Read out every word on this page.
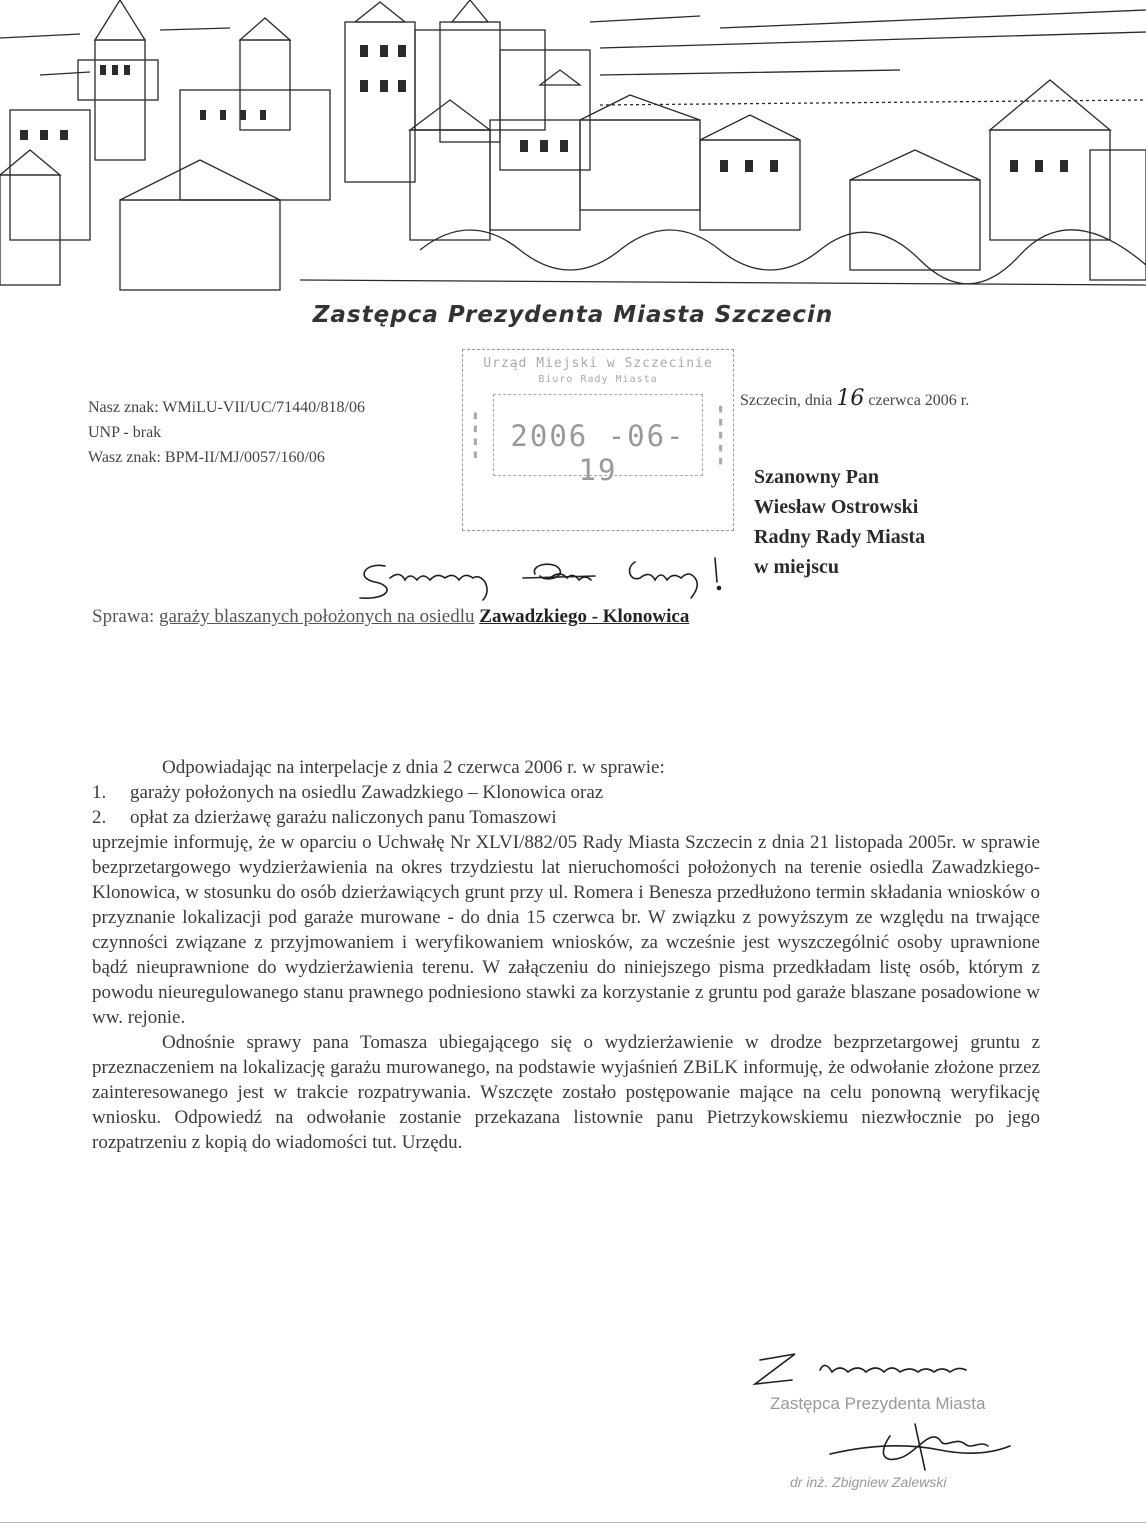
Zastępca Prezydenta Miasta Szczecin
Nasz znak: WMiLU-VII/UC/71440/818/06
UNP - brak
Wasz znak: BPM-II/MJ/0057/160/06
Urząd Miejski w Szczecinie
Biuro Rady Miasta
2006 -06- 19
▮▮▮▮	▮▮▮▮▮
Szczecin, dnia 16 czerwca 2006 r.
Szanowny Pan
Wiesław Ostrowski
Radny Rady Miasta
w miejscu
Sprawa: garaży blaszanych położonych na osiedlu Zawadzkiego - Klonowica

Odpowiadając na interpelacje z dnia 2 czerwca 2006 r. w sprawie:

1. garaży położonych na osiedlu Zawadzkiego – Klonowica oraz
2. opłat za dzierżawę garażu naliczonych panu Tomaszowi

uprzejmie informuję, że w oparciu o Uchwałę Nr XLVI/882/05 Rady Miasta Szczecin z dnia 21 listopada 2005r. w sprawie bezprzetargowego wydzierżawienia na okres trzydziestu lat nieruchomości położonych na terenie osiedla Zawadzkiego-Klonowica, w stosunku do osób dzierżawiących grunt przy ul. Romera i Benesza przedłużono termin składania wniosków o przyznanie lokalizacji pod garaże murowane - do dnia 15 czerwca br. W związku z powyższym ze względu na trwające czynności związane z przyjmowaniem i weryfikowaniem wniosków, za wcześnie jest wyszczególnić osoby uprawnione bądź nieuprawnione do wydzierżawienia terenu. W załączeniu do niniejszego pisma przedkładam listę osób, którym z powodu nieuregulowanego stanu prawnego podniesiono stawki za korzystanie z gruntu pod garaże blaszane posadowione w ww. rejonie.

Odnośnie sprawy pana Tomasza ubiegającego się o wydzierżawienie w drodze bezprzetargowej gruntu z przeznaczeniem na lokalizację garażu murowanego, na podstawie wyjaśnień ZBiLK informuję, że odwołanie złożone przez zainteresowanego jest w trakcie rozpatrywania. Wszczęte zostało postępowanie mające na celu ponowną weryfikację wniosku. Odpowiedź na odwołanie zostanie przekazana listownie panu Pietrzykowskiemu niezwłocznie po jego rozpatrzeniu z kopią do wiadomości tut. Urzędu.

Zastępca Prezydenta Miasta
dr inż. Zbigniew Zalewski
